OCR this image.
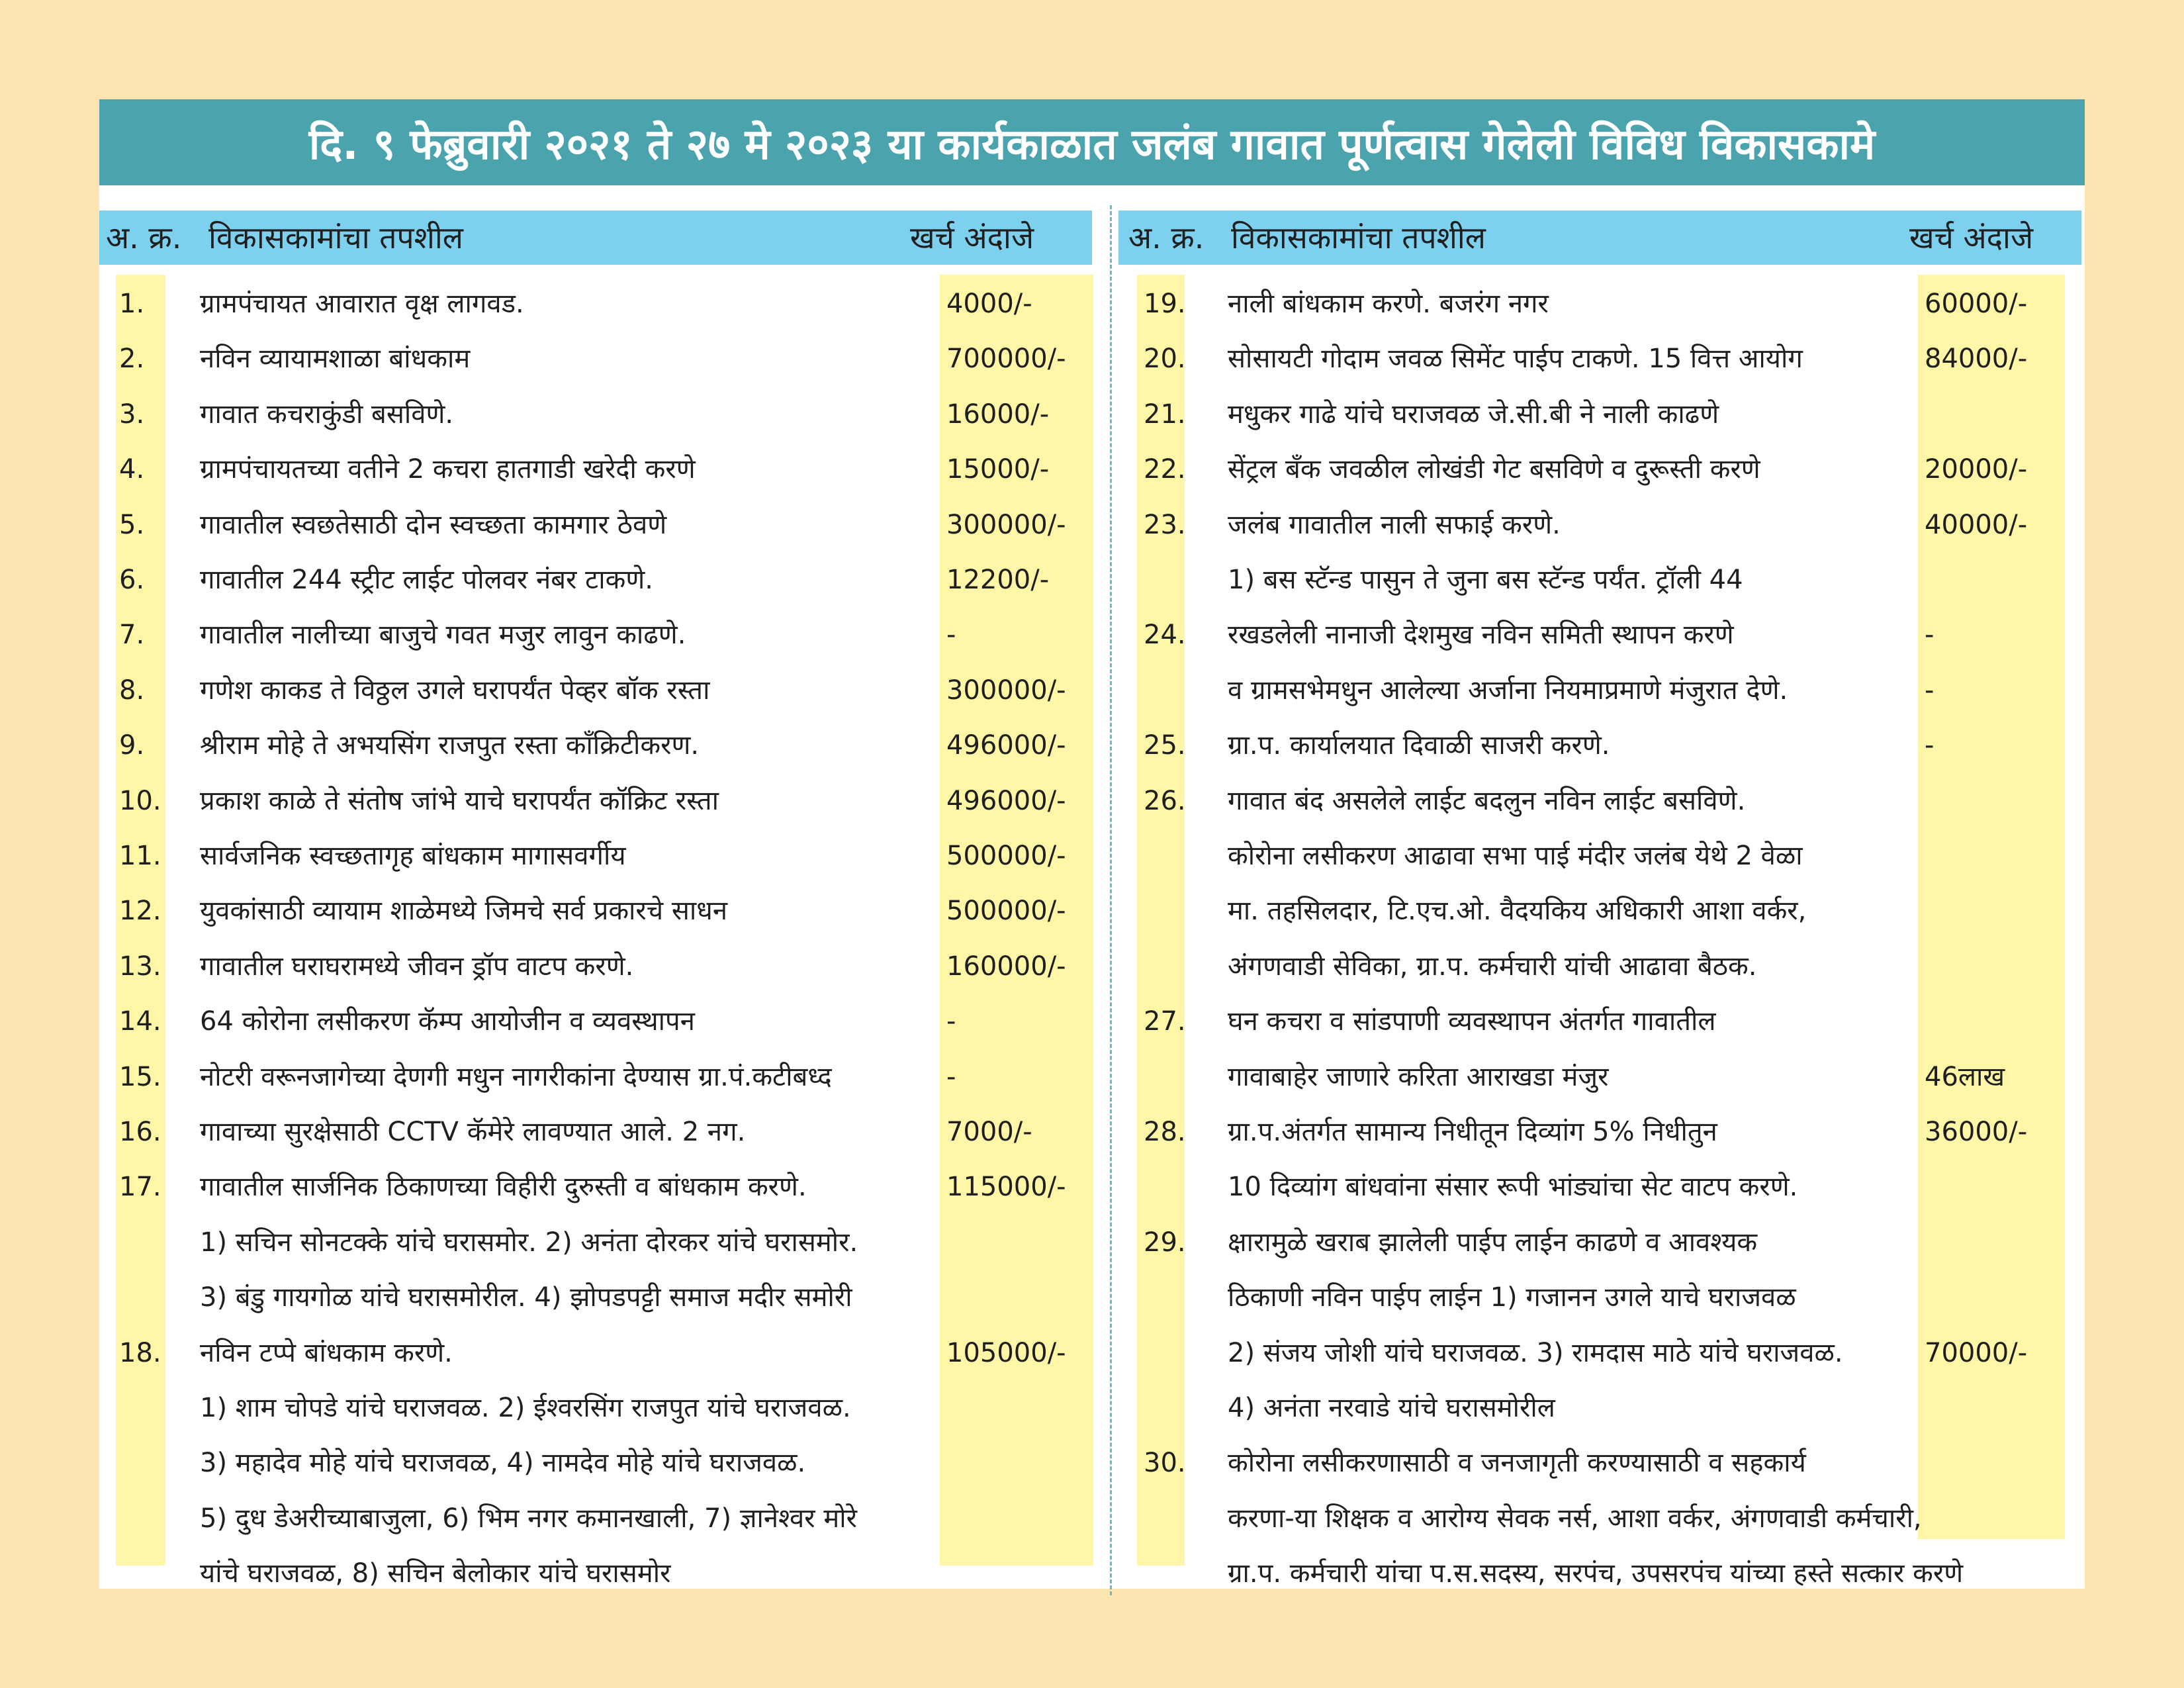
दि. ९ फेब्रुवारी २०२१ ते २७ मे २०२३ या कार्यकाळात जलंब गावात पूर्णत्वास गेलेली विविध विकासकामे
अ. क्र. विकासकामांचा तपशील	खर्च अंदाजे	अ. क्र. विकासकामांचा तपशील	खर्च अंदाजे
1.	ग्रामपंचायत आवारात वृक्ष लागवड.	4000/-
2.	नविन व्यायामशाळा बांधकाम	700000/-
3.	गावात कचराकुंडी बसविणे.	16000/-
4.	ग्रामपंचायतच्या वतीने 2 कचरा हातगाडी खरेदी करणे	15000/-
5.	गावातील स्वछतेसाठी दोन स्वच्छता कामगार ठेवणे	300000/-
6.	गावातील 244 स्ट्रीट लाईट पोलवर नंबर टाकणे.	12200/-
7.	गावातील नालीच्या बाजुचे गवत मजुर लावुन काढणे.	-
8.	गणेश काकड ते विठ्ठल उगले घरापर्यंत पेव्हर बॉक रस्ता	300000/-
9.	श्रीराम मोहे ते अभयसिंग राजपुत रस्ता कॉंक्रिटीकरण.	496000/-
10.	प्रकाश काळे ते संतोष जांभे याचे घरापर्यंत कॉक्रिट रस्ता	496000/-
11.	सार्वजनिक स्वच्छतागृह बांधकाम मागासवर्गीय	500000/-
12.	युवकांसाठी व्यायाम शाळेमध्ये जिमचे सर्व प्रकारचे साधन	500000/-
13.	गावातील घराघरामध्ये जीवन ड्रॉप वाटप करणे.	160000/-
14.	64 कोरोना लसीकरण कॅम्प आयोजीन व व्यवस्थापन	-
15.	नोटरी वरूनजागेच्या देणगी मधुन नागरीकांना देण्यास ग्रा.पं.कटीबध्द	-
16.	गावाच्या सुरक्षेसाठी CCTV कॅमेरे लावण्यात आले. 2 नग.	7000/-
17.	गावातील सार्जनिक ठिकाणच्या विहीरी दुरुस्ती व बांधकाम करणे.	115000/-
1) सचिन सोनटक्के यांचे घरासमोर. 2) अनंता दोरकर यांचे घरासमोर.
3) बंडु गायगोळ यांचे घरासमोरील. 4) झोपडपट्टी समाज मदीर समोरी
18.	नविन टप्पे बांधकाम करणे.	105000/-
1) शाम चोपडे यांचे घराजवळ. 2) ईश्वरसिंग राजपुत यांचे घराजवळ.
3) महादेव मोहे यांचे घराजवळ, 4) नामदेव मोहे यांचे घराजवळ.
5) दुध डेअरीच्याबाजुला, 6) भिम नगर कमानखाली, 7) ज्ञानेश्वर मोरे
यांचे घराजवळ, 8) सचिन बेलोकार यांचे घरासमोर
19.	नाली बांधकाम करणे. बजरंग नगर	60000/-
20.	सोसायटी गोदाम जवळ सिमेंट पाईप टाकणे. 15 वित्त आयोग	84000/-
21.	मधुकर गाढे यांचे घराजवळ जे.सी.बी ने नाली काढणे
22.	सेंट्रल बँक जवळील लोखंडी गेट बसविणे व दुरूस्ती करणे	20000/-
23.	जलंब गावातील नाली सफाई करणे.	40000/-
1) बस स्टॅन्ड पासुन ते जुना बस स्टॅन्ड पर्यंत. ट्रॉली 44
24.	रखडलेली नानाजी देशमुख नविन समिती स्थापन करणे	-
व ग्रामसभेमधुन आलेल्या अर्जाना नियमाप्रमाणे मंजुरात देणे.	-
25.	ग्रा.प. कार्यालयात दिवाळी साजरी करणे.	-
26.	गावात बंद असलेले लाईट बदलुन नविन लाईट बसविणे.
कोरोना लसीकरण आढावा सभा पाई मंदीर जलंब येथे 2 वेळा
मा. तहसिलदार, टि.एच.ओ. वैदयकिय अधिकारी आशा वर्कर,
अंगणवाडी सेविका, ग्रा.प. कर्मचारी यांची आढावा बैठक.
27.	घन कचरा व सांडपाणी व्यवस्थापन अंतर्गत गावातील
गावाबाहेर जाणारे करिता आराखडा मंजुर	46लाख
28.	ग्रा.प.अंतर्गत सामान्य निधीतून दिव्यांग 5% निधीतुन	36000/-
10 दिव्यांग बांधवांना संसार रूपी भांड्यांचा सेट वाटप करणे.
29.	क्षारामुळे खराब झालेली पाईप लाईन काढणे व आवश्यक
ठिकाणी नविन पाईप लाईन 1) गजानन उगले याचे घराजवळ
2) संजय जोशी यांचे घराजवळ. 3) रामदास माठे यांचे घराजवळ.	70000/-
4) अनंता नरवाडे यांचे घरासमोरील
30.	कोरोना लसीकरणासाठी व जनजागृती करण्यासाठी व सहकार्य
करणा-या शिक्षक व आरोग्य सेवक नर्स, आशा वर्कर, अंगणवाडी कर्मचारी,
ग्रा.प. कर्मचारी यांचा प.स.सदस्य, सरपंच, उपसरपंच यांच्या हस्ते सत्कार करणे
